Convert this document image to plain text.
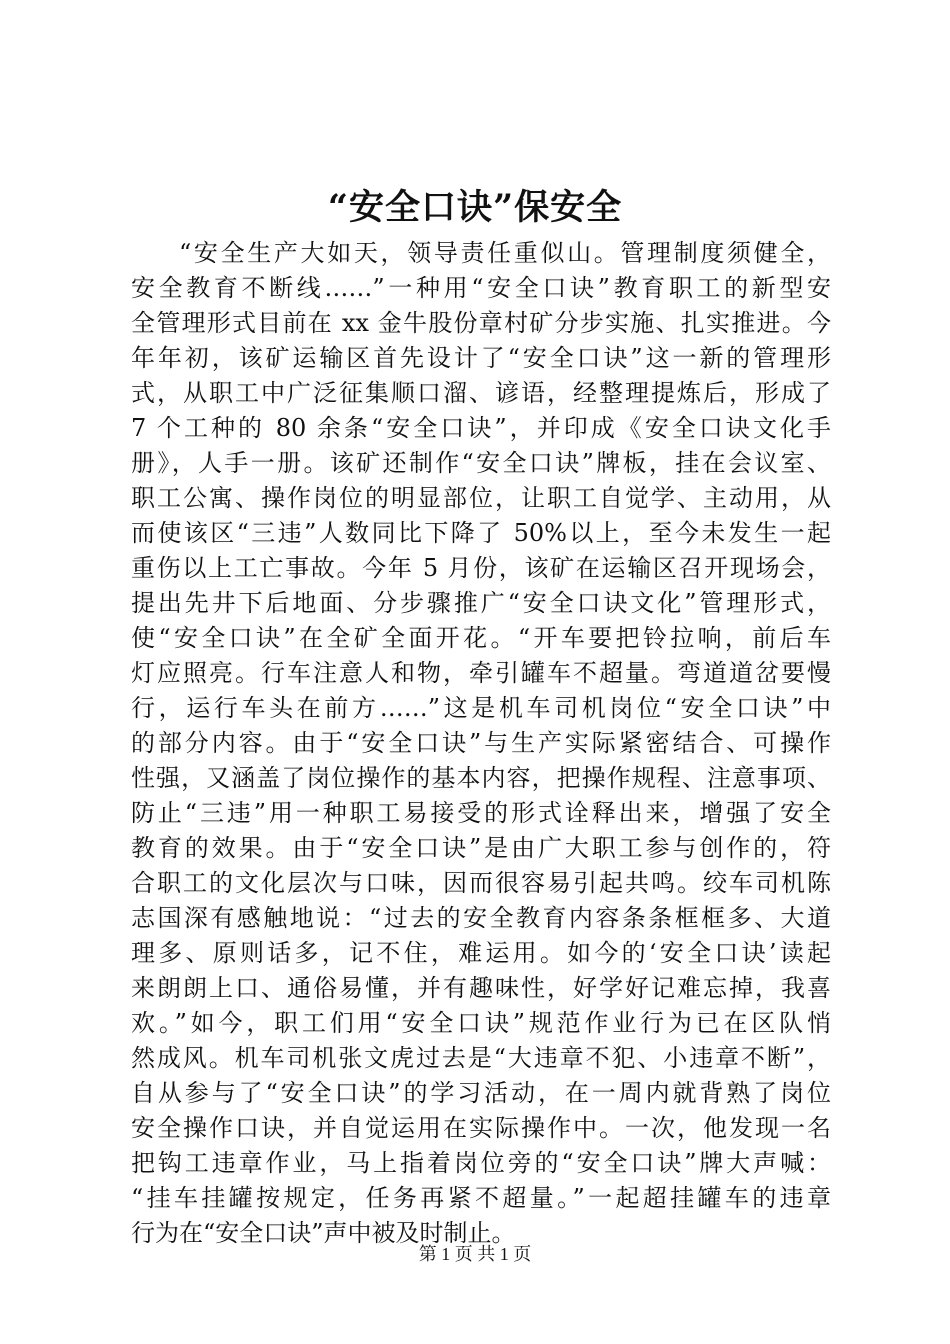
“安全口诀”保安全
“安全生产大如天，领导责任重似山。管理制度须健全，
安全教育不断线……”一种用“安全口诀”教育职工的新型安
全管理形式目前在 xx 金牛股份章村矿分步实施、扎实推进。今
年年初，该矿运输区首先设计了“安全口诀”这一新的管理形
式，从职工中广泛征集顺口溜、谚语，经整理提炼后，形成了
7 个工种的 80 余条“安全口诀”，并印成《安全口诀文化手
册》，人手一册。该矿还制作“安全口诀”牌板，挂在会议室、
职工公寓、操作岗位的明显部位，让职工自觉学、主动用，从
而使该区“三违”人数同比下降了 50%以上，至今未发生一起
重伤以上工亡事故。今年 5 月份，该矿在运输区召开现场会，
提出先井下后地面、分步骤推广“安全口诀文化”管理形式，
使“安全口诀”在全矿全面开花。“开车要把铃拉响，前后车
灯应照亮。行车注意人和物，牵引罐车不超量。弯道道岔要慢
行，运行车头在前方……”这是机车司机岗位“安全口诀”中
的部分内容。由于“安全口诀”与生产实际紧密结合、可操作
性强，又涵盖了岗位操作的基本内容，把操作规程、注意事项、
防止“三违”用一种职工易接受的形式诠释出来，增强了安全
教育的效果。由于“安全口诀”是由广大职工参与创作的，符
合职工的文化层次与口味，因而很容易引起共鸣。绞车司机陈
志国深有感触地说：“过去的安全教育内容条条框框多、大道
理多、原则话多，记不住，难运用。如今的‘安全口诀’读起
来朗朗上口、通俗易懂，并有趣味性，好学好记难忘掉，我喜
欢。”如今，职工们用“安全口诀”规范作业行为已在区队悄
然成风。机车司机张文虎过去是“大违章不犯、小违章不断”，
自从参与了“安全口诀”的学习活动，在一周内就背熟了岗位
安全操作口诀，并自觉运用在实际操作中。一次，他发现一名
把钩工违章作业，马上指着岗位旁的“安全口诀”牌大声喊：
“挂车挂罐按规定，任务再紧不超量。”一起超挂罐车的违章
行为在“安全口诀”声中被及时制止。
第 1 页 共 1 页
